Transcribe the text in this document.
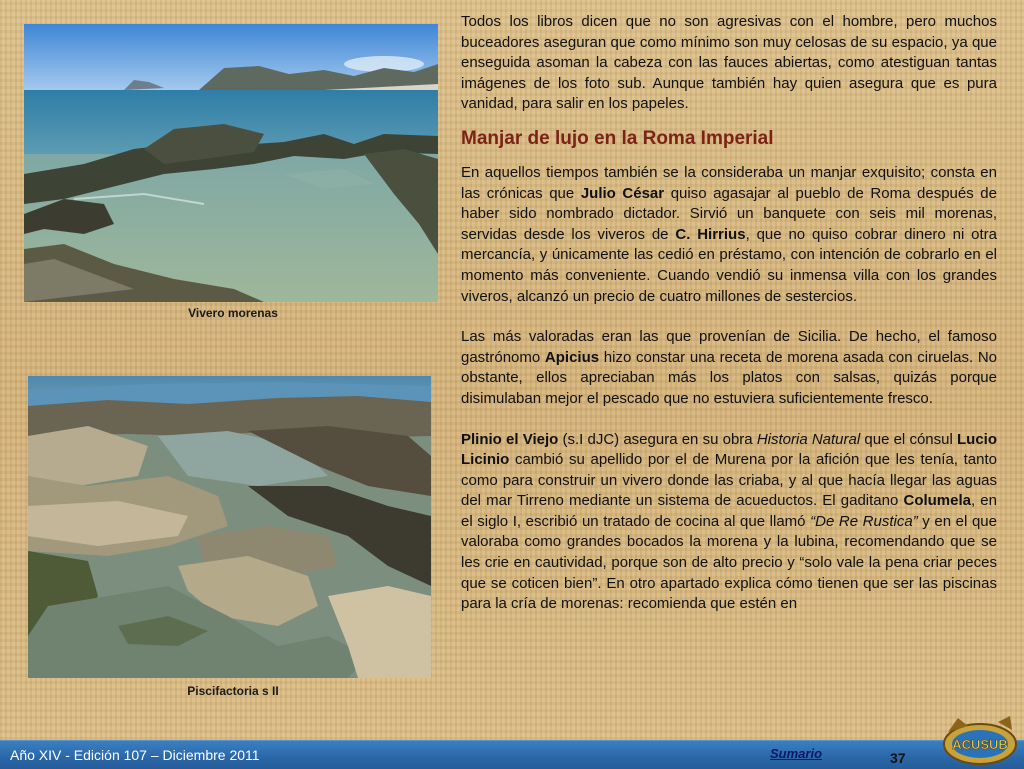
Vivero morenas
Piscifactoria s II

Todos los libros dicen que no son agresivas con el hombre, pero muchos buceadores aseguran que como mínimo son muy celosas de su espacio, ya que enseguida asoman la cabeza con las fauces abiertas, como atestiguan tantas imágenes de los foto sub. Aunque también hay quien asegura que es pura vanidad, para salir en los papeles.

Manjar de lujo en la Roma Imperial

En aquellos tiempos también se la consideraba un manjar exquisito; consta en las crónicas que Julio César quiso agasajar al pueblo de Roma después de haber sido nombrado dictador. Sirvió un banquete con seis mil morenas, servidas desde los viveros de C. Hirrius, que no quiso cobrar dinero ni otra mercancía, y únicamente las cedió en préstamo, con intención de cobrarlo en el momento más conveniente. Cuando vendió su inmensa villa con los grandes viveros, alcanzó un precio de cuatro millones de sestercios.

Las más valoradas eran las que provenían de Sicilia. De hecho, el famoso gastrónomo Apicius hizo constar una receta de morena asada con ciruelas. No obstante, ellos apreciaban más los platos con salsas, quizás porque disimulaban mejor el pescado que no estuviera suficientemente fresco.

Plinio el Viejo (s.I dJC) asegura en su obra Historia Natural que el cónsul Lucio Licinio cambió su apellido por el de Murena por la afición que les tenía, tanto como para construir un vivero donde las criaba, y al que hacía llegar las aguas del mar Tirreno mediante un sistema de acueductos. El gaditano Columela, en el siglo I, escribió un tratado de cocina al que llamó “De Re Rustica” y en el que valoraba como grandes bocados la morena y la lubina, recomendando que se les crie en cautividad, porque son de alto precio y “solo vale la pena criar peces que se coticen bien”. En otro apartado explica cómo tienen que ser las piscinas para la cría de morenas: recomienda que estén en

Año XIV - Edición 107 – Diciembre 2011	Sumario	37
ACUSUB
